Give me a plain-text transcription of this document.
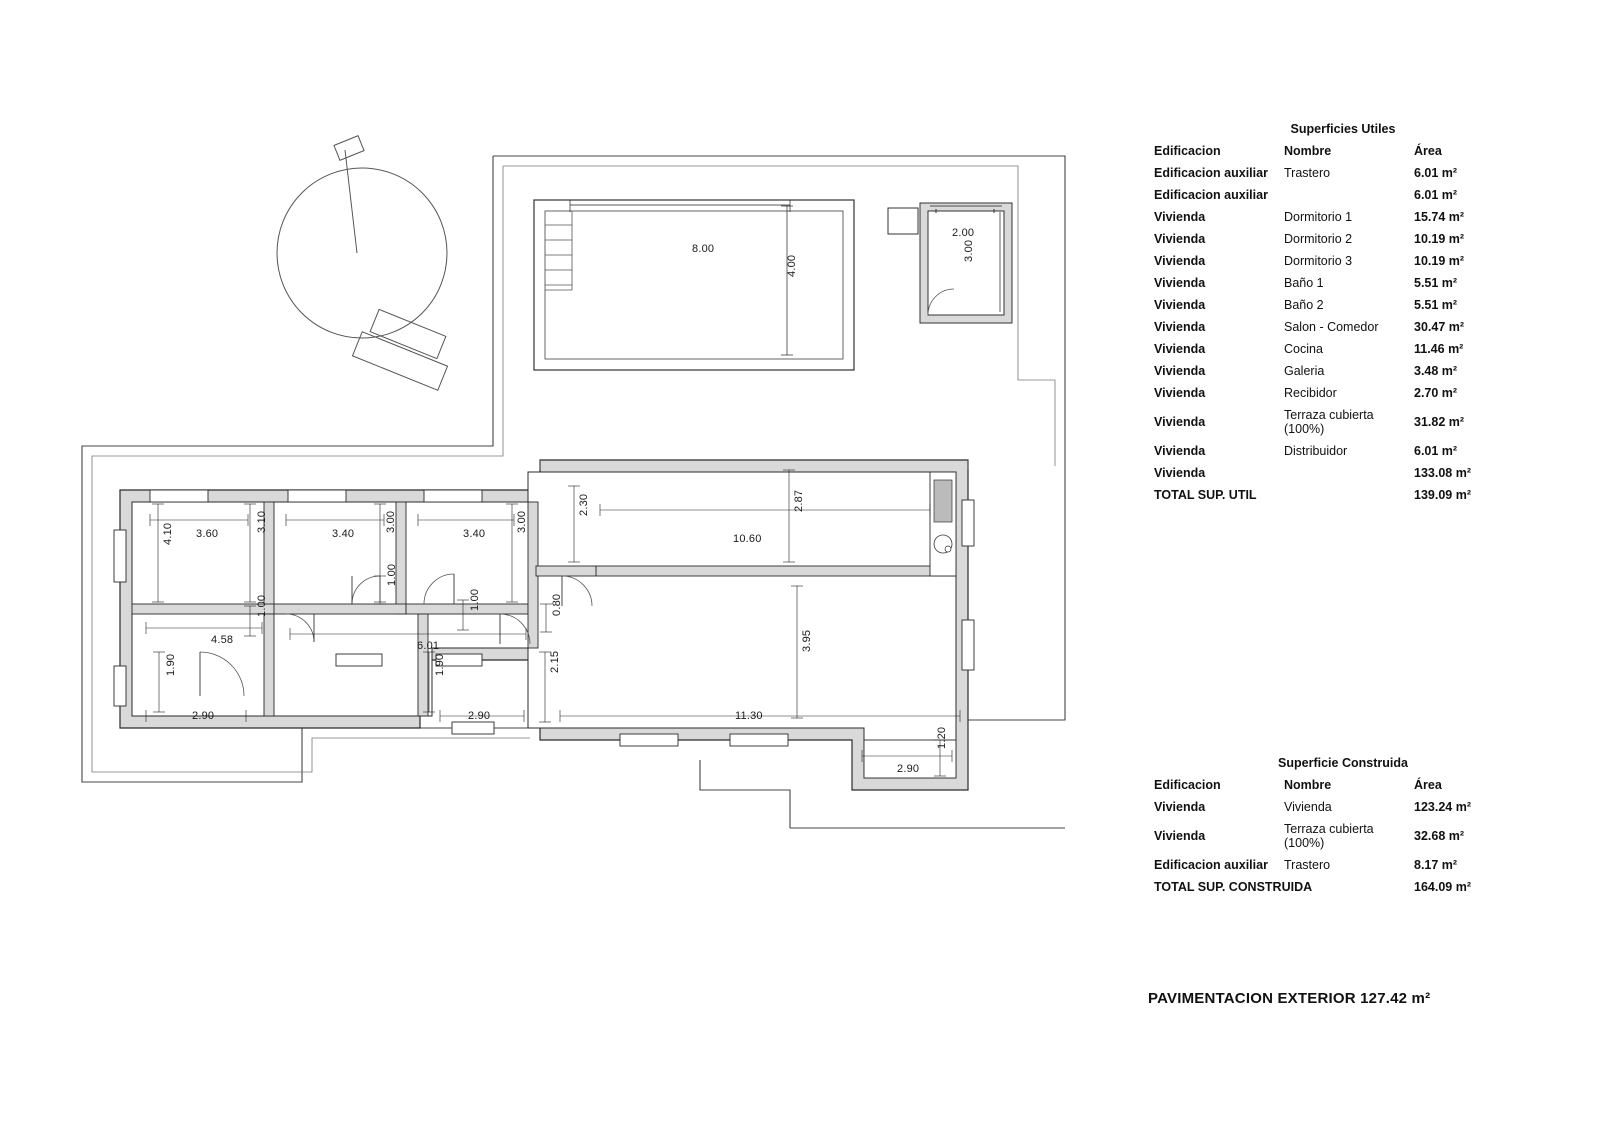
8.00
4.00
2.00
3.00
3.60	3.40	3.40
3.10	3.00	3.00
2.30
10.60
2.87
4.10
4.58
1.00
6.01
1.00
1.00	0.80
3.95
1.90
2.90
1.90
2.90
2.15
11.30
2.90
1.20
Superficies Utiles		
Edificacion	Nombre	Área
Edificacion auxiliar	Trastero	6.01 m²
Edificacion auxiliar		6.01 m²
Vivienda	Dormitorio 1	15.74 m²
Vivienda	Dormitorio 2	10.19 m²
Vivienda	Dormitorio 3	10.19 m²
Vivienda	Baño 1	5.51 m²
Vivienda	Baño 2	5.51 m²
Vivienda	Salon - Comedor	30.47 m²
Vivienda	Cocina	11.46 m²
Vivienda	Galeria	3.48 m²
Vivienda	Recibidor	2.70 m²
Vivienda	Terraza cubierta (100%)	31.82 m²
Vivienda	Distribuidor	6.01 m²
Vivienda		133.08 m²
TOTAL SUP. UTIL		139.09 m²
Superficie Construida		
Edificacion	Nombre	Área
Vivienda	Vivienda	123.24 m²
Vivienda	Terraza cubierta (100%)	32.68 m²
Edificacion auxiliar	Trastero	8.17 m²
TOTAL SUP. CONSTRUIDA		164.09 m²
PAVIMENTACION EXTERIOR 127.42 m²
